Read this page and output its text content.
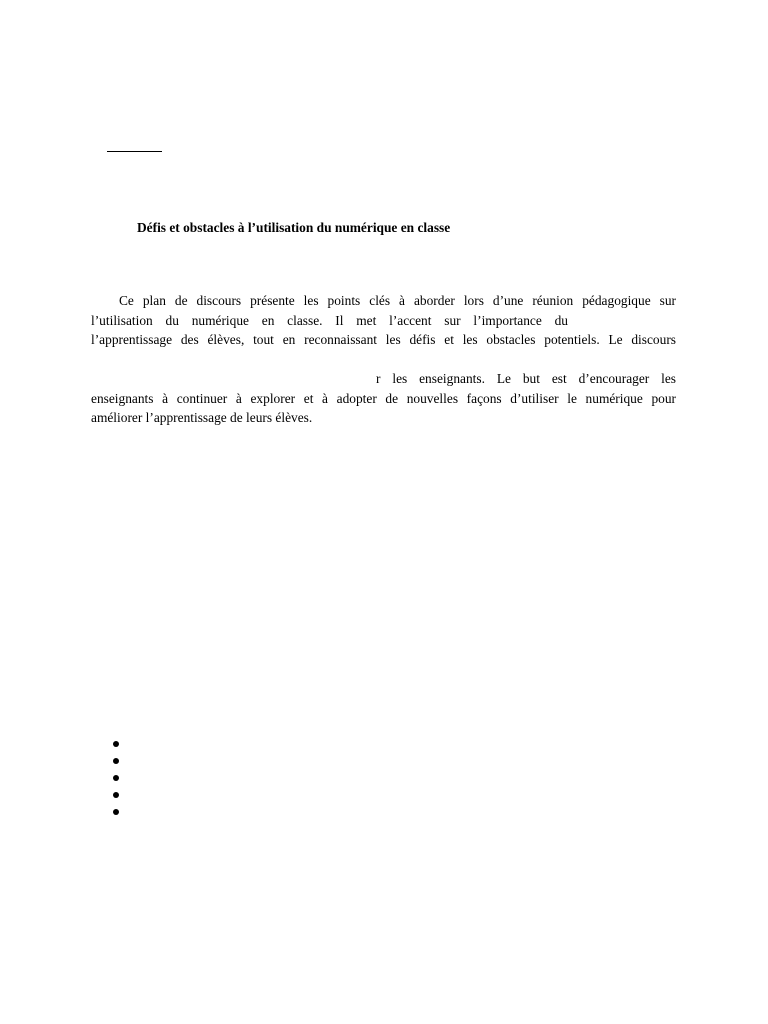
Défis et obstacles à l’utilisation du numérique en classe
Ce plan de discours présente les points clés à aborder lors d’une réunion pédagogique sur
l’utilisation du numérique en classe. Il met l’accent sur l’importance du
l’apprentissage des élèves, tout en reconnaissant les défis et les obstacles potentiels. Le discours
r les enseignants. Le but est d’encourager les
enseignants à continuer à explorer et à adopter de nouvelles façons d’utiliser le numérique pour
améliorer l’apprentissage de leurs élèves.
